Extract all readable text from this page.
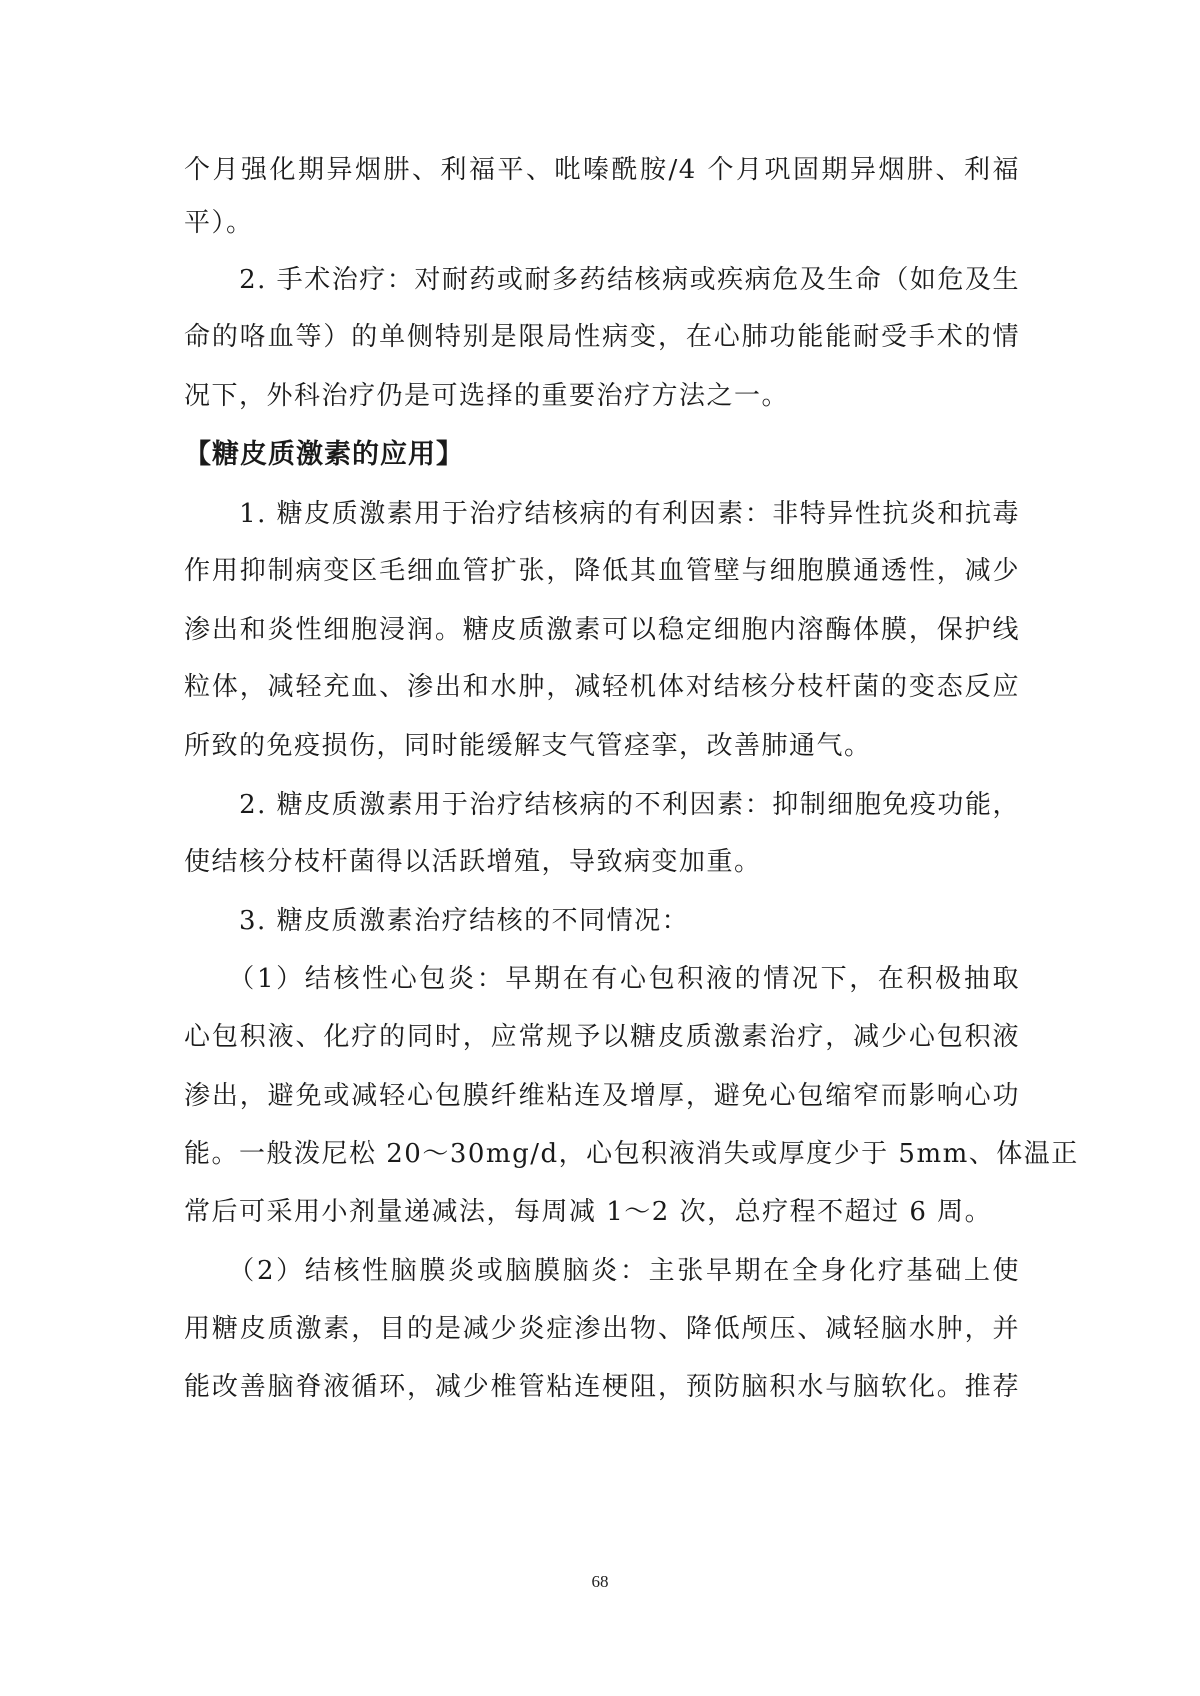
个月强化期异烟肼、利福平、吡嗪酰胺/4 个月巩固期异烟肼、利福
平）。
　　2. 手术治疗：对耐药或耐多药结核病或疾病危及生命（如危及生
命的咯血等）的单侧特别是限局性病变，在心肺功能能耐受手术的情
况下，外科治疗仍是可选择的重要治疗方法之一。
【糖皮质激素的应用】
　　1. 糖皮质激素用于治疗结核病的有利因素：非特异性抗炎和抗毒
作用抑制病变区毛细血管扩张，降低其血管壁与细胞膜通透性，减少
渗出和炎性细胞浸润。糖皮质激素可以稳定细胞内溶酶体膜，保护线
粒体，减轻充血、渗出和水肿，减轻机体对结核分枝杆菌的变态反应
所致的免疫损伤，同时能缓解支气管痉挛，改善肺通气。
　　2. 糖皮质激素用于治疗结核病的不利因素：抑制细胞免疫功能，
使结核分枝杆菌得以活跃增殖，导致病变加重。
　　3. 糖皮质激素治疗结核的不同情况：
　　（1）结核性心包炎：早期在有心包积液的情况下，在积极抽取
心包积液、化疗的同时，应常规予以糖皮质激素治疗，减少心包积液
渗出，避免或减轻心包膜纤维粘连及增厚，避免心包缩窄而影响心功
能。一般泼尼松 20～30mg/d，心包积液消失或厚度少于 5mm、体温正
常后可采用小剂量递减法，每周减 1～2 次，总疗程不超过 6 周。
　　（2）结核性脑膜炎或脑膜脑炎：主张早期在全身化疗基础上使
用糖皮质激素，目的是减少炎症渗出物、降低颅压、减轻脑水肿，并
能改善脑脊液循环，减少椎管粘连梗阻，预防脑积水与脑软化。推荐
68
